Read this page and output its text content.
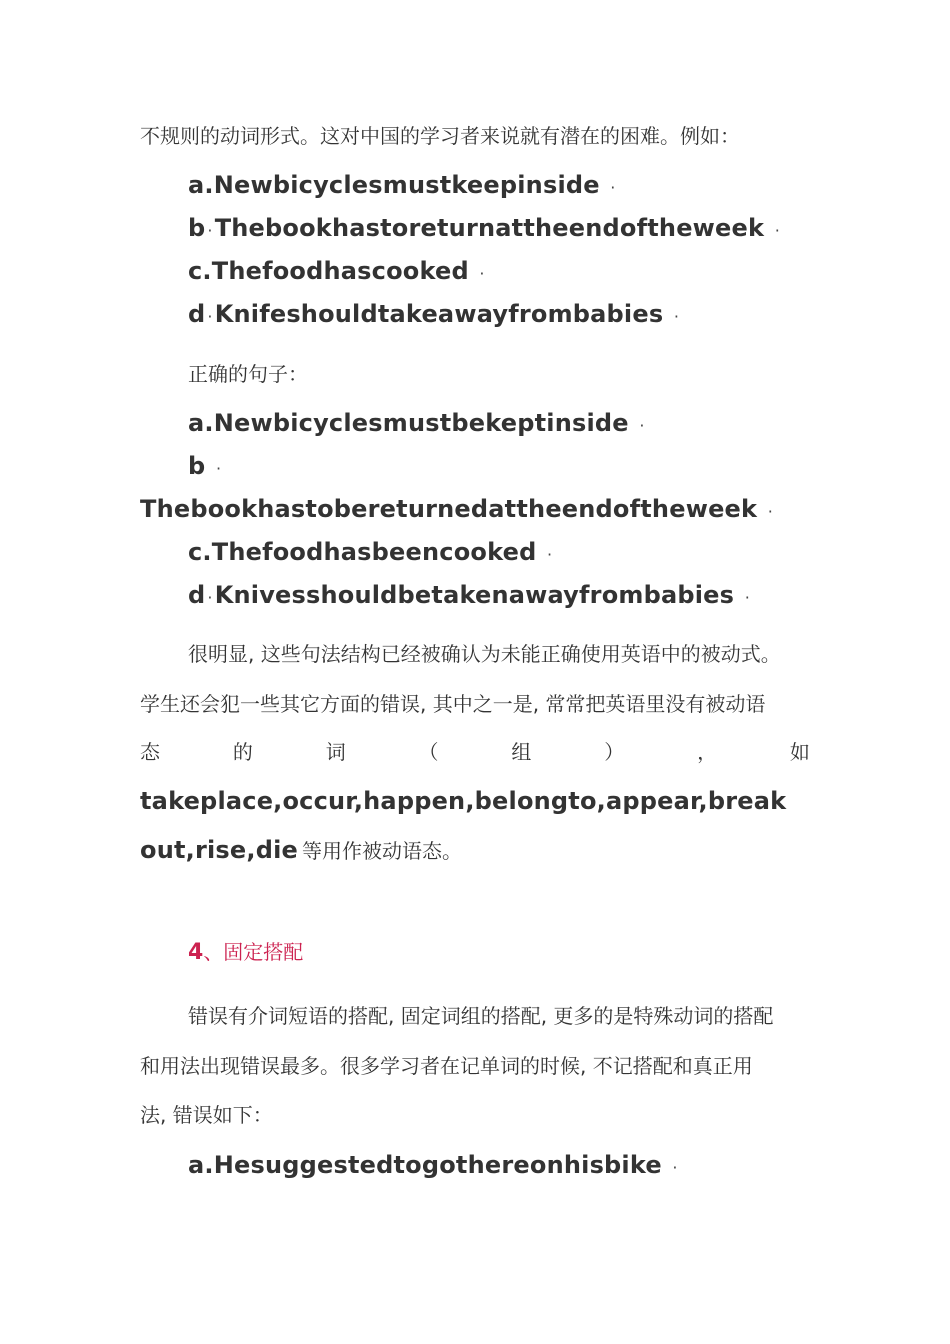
不规则的动词形式。这对中国的学习者来说就有潜在的困难。例如：
a.Newbicyclesmustkeepinside ·
b ·Thebookhastoreturnattheendoftheweek ·
c.Thefoodhascooked ·
d ·Knifeshouldtakeawayfrombabies ·
正确的句子：
a.Newbicyclesmustbekeptinside ·
b ·
Thebookhastobereturnedattheendoftheweek ·
c.Thefoodhasbeencooked ·
d ·Knivesshouldbetakenawayfrombabies ·
很明显, 这些句法结构已经被确认为未能正确使用英语中的被动式。
学生还会犯一些其它方面的错误, 其中之一是, 常常把英语里没有被动语
态	的	词	（	组	）	，	如
takeplace,occur,happen,belongto,appear,break
out,rise,die 等用作被动语态。
4、固定搭配
错误有介词短语的搭配, 固定词组的搭配, 更多的是特殊动词的搭配
和用法出现错误最多。很多学习者在记单词的时候, 不记搭配和真正用
法, 错误如下：
a.Hesuggestedtogothereonhisbike ·
